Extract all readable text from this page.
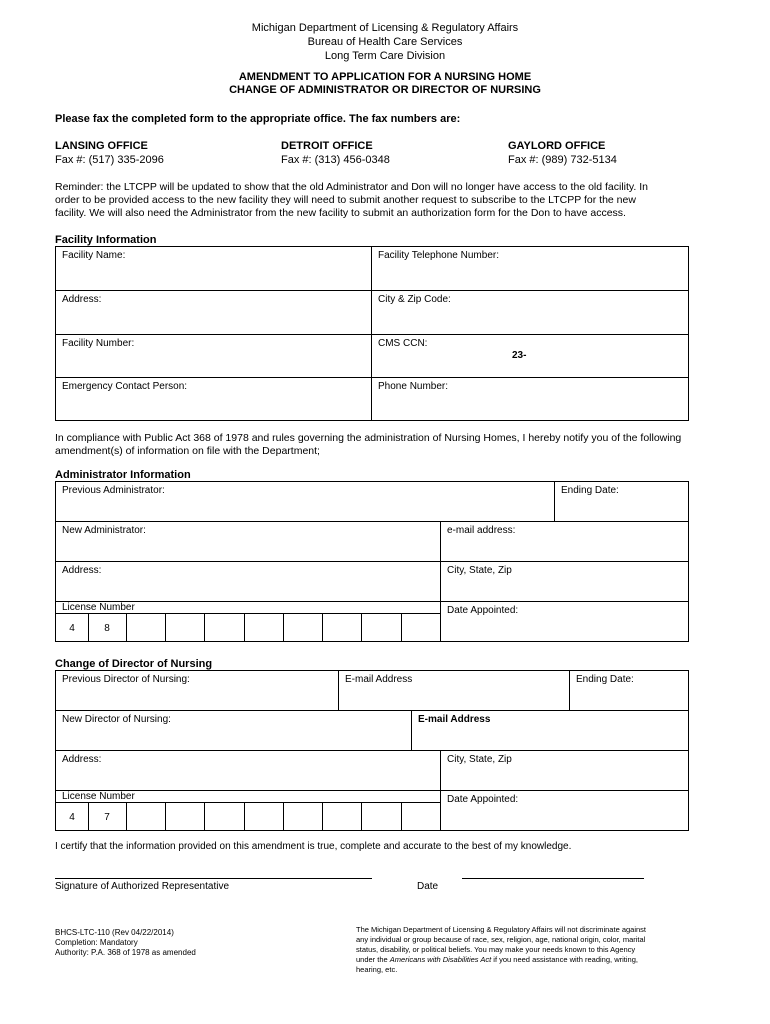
Michigan Department of Licensing & Regulatory Affairs
Bureau of Health Care Services
Long Term Care Division
AMENDMENT TO APPLICATION FOR A NURSING HOME
CHANGE OF ADMINISTRATOR OR DIRECTOR OF NURSING
Please fax the completed form to the appropriate office. The fax numbers are:
LANSING OFFICE
Fax #: (517) 335-2096
DETROIT OFFICE
Fax #: (313) 456-0348
GAYLORD OFFICE
Fax #: (989) 732-5134
Reminder: the LTCPP will be updated to show that the old Administrator and Don will no longer have access to the old facility. In
order to be provided access to the new facility they will need to submit another request to subscribe to the LTCPP for the new
facility. We will also need the Administrator from the new facility to submit an authorization form for the Don to have access.
Facility Information
Facility Name:	Facility Telephone Number:
Address:	City & Zip Code:
Facility Number:	CMS CCN:
23-
Emergency Contact Person:	Phone Number:
In compliance with Public Act 368 of 1978 and rules governing the administration of Nursing Homes, I hereby notify you of the following
amendment(s) of information on file with the Department;
Administrator Information
Previous Administrator:	Ending Date:
New Administrator:	e-mail address:
Address:	City, State, Zip
License Number	Date Appointed:
4	8
Change of Director of Nursing
Previous Director of Nursing:	E-mail Address	Ending Date:
New Director of Nursing:	E-mail Address
Address:	City, State, Zip
License Number	Date Appointed:
4	7
I certify that the information provided on this amendment is true, complete and accurate to the best of my knowledge.
Signature of Authorized Representative	Date
BHCS-LTC-110 (Rev 04/22/2014)
Completion: Mandatory
Authority: P.A. 368 of 1978 as amended
The Michigan Department of Licensing & Regulatory Affairs will not discriminate against
any individual or group because of race, sex, religion, age, national origin, color, marital
status, disability, or political beliefs. You may make your needs known to this Agency
under the Americans with Disabilities Act if you need assistance with reading, writing,
hearing, etc.
